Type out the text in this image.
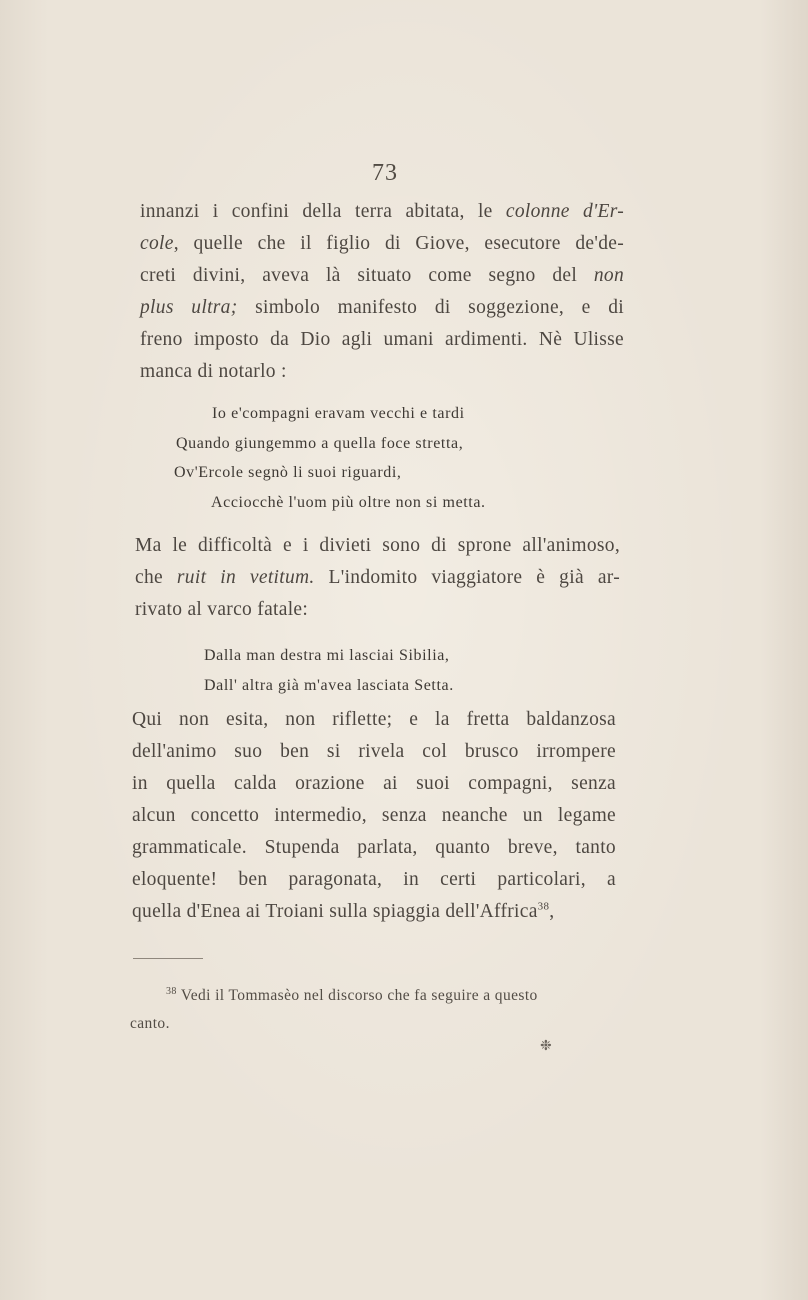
73
innanzi i confini della terra abitata, le colonne d'Er-
cole, quelle che il figlio di Giove, esecutore de'de-
creti divini, aveva là situato come segno del non
plus ultra; simbolo manifesto di soggezione, e di
freno imposto da Dio agli umani ardimenti. Nè Ulisse
manca di notarlo :
Io e'compagni eravam vecchi e tardi
Quando giungemmo a quella foce stretta,
Ov'Ercole segnò li suoi riguardi,
Acciocchè l'uom più oltre non si metta.
Ma le difficoltà e i divieti sono di sprone all'animoso,
che ruit in vetitum. L'indomito viaggiatore è già ar-
rivato al varco fatale:
Dalla man destra mi lasciai Sibilia,
Dall' altra già m'avea lasciata Setta.
Qui non esita, non riflette; e la fretta baldanzosa
dell'animo suo ben si rivela col brusco irrompere
in quella calda orazione ai suoi compagni, senza
alcun concetto intermedio, senza neanche un legame
grammaticale. Stupenda parlata, quanto breve, tanto
eloquente! ben paragonata, in certi particolari, a
quella d'Enea ai Troiani sulla spiaggia dell'Affrica$^{38}$,
$^{38}$ Vedi il Tommasèo nel discorso che fa seguire a questo
canto.
❉
